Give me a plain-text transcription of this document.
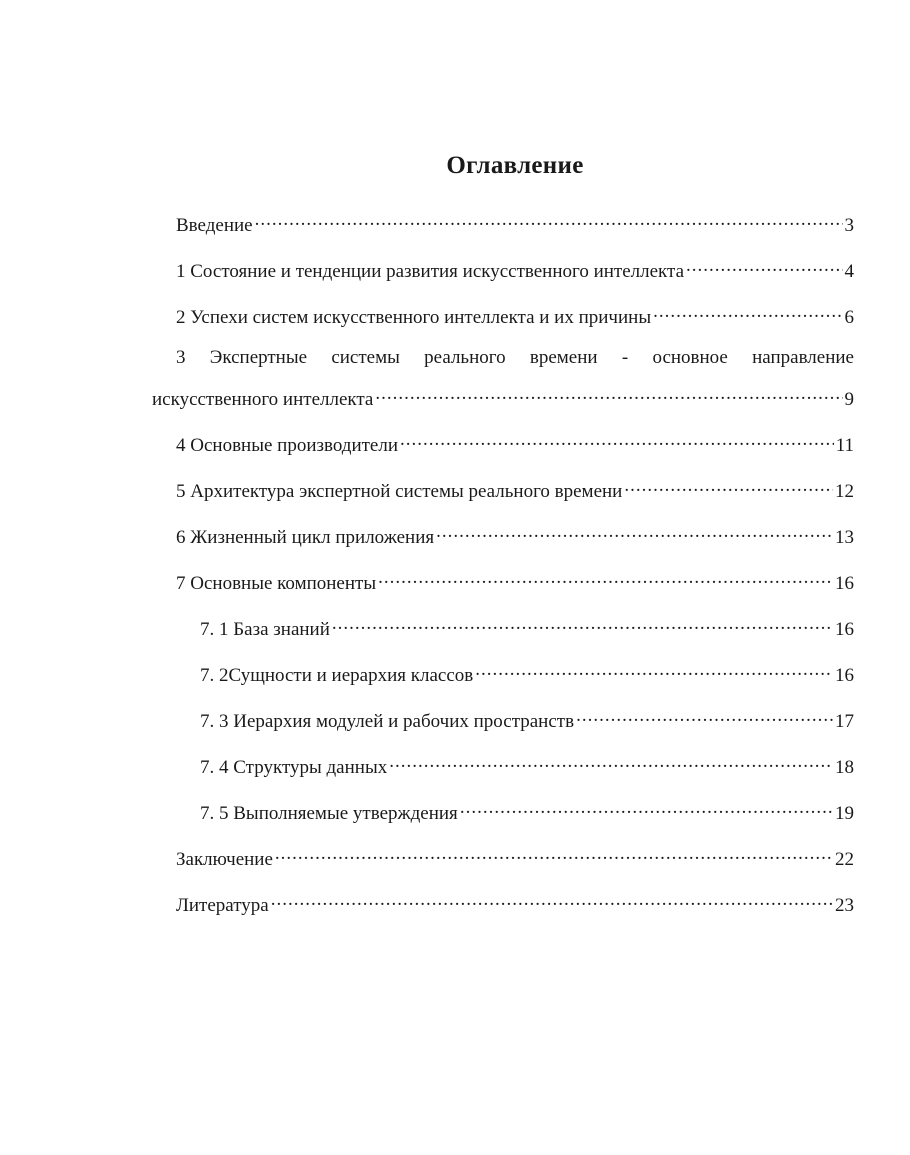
Оглавление
Введение .....	3
1 Состояние и тенденции развития искусственного интеллекта .....	4
2 Успехи систем искусственного интеллекта и их причины .....	6
3 Экспертные системы реального времени - основное направление
искусственного интеллекта .....	9
4 Основные производители .....	11
5 Архитектура экспертной системы реального времени .....	12
6 Жизненный цикл приложения .....	13
7 Основные компоненты .....	16
7. 1 База знаний .....	16
7. 2Сущности и иерархия классов .....	16
7. 3 Иерархия модулей и рабочих пространств .....	17
7. 4 Структуры данных .....	18
7. 5 Выполняемые утверждения .....	19
Заключение .....	22
Литература .....	23
